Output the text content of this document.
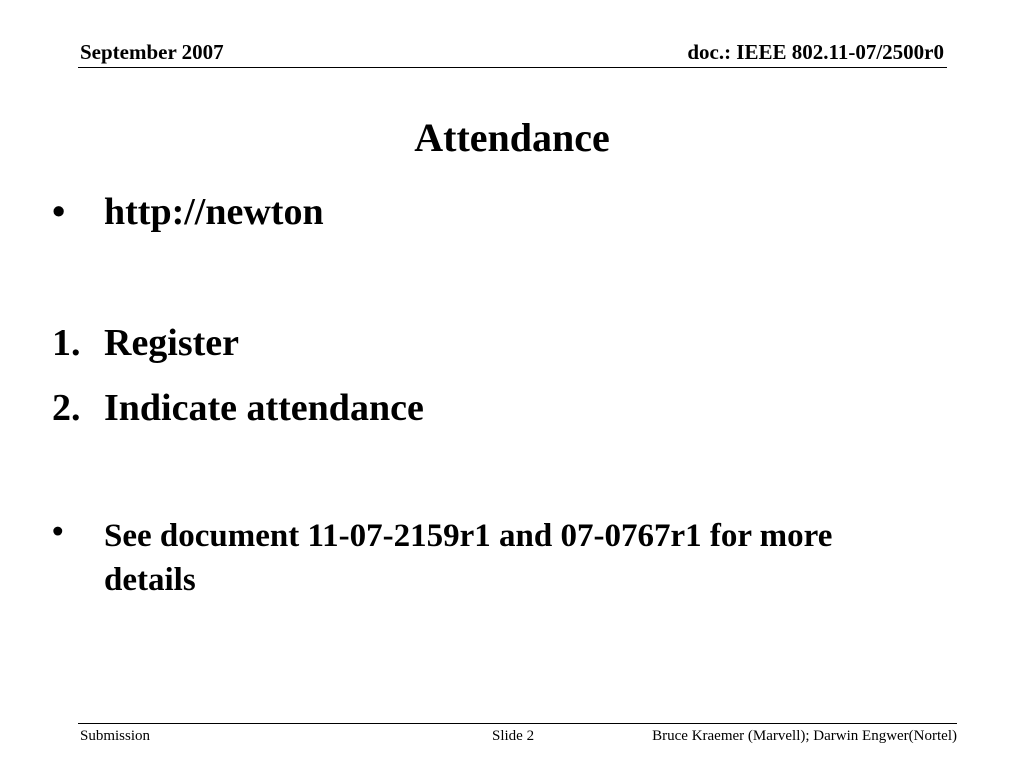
September 2007	doc.: IEEE 802.11-07/2500r0
Attendance
• http://newton
1. Register
2. Indicate attendance
•	See document 11-07-2159r1 and 07-0767r1 for more details
Submission	Slide 2	Bruce Kraemer (Marvell); Darwin Engwer(Nortel)
